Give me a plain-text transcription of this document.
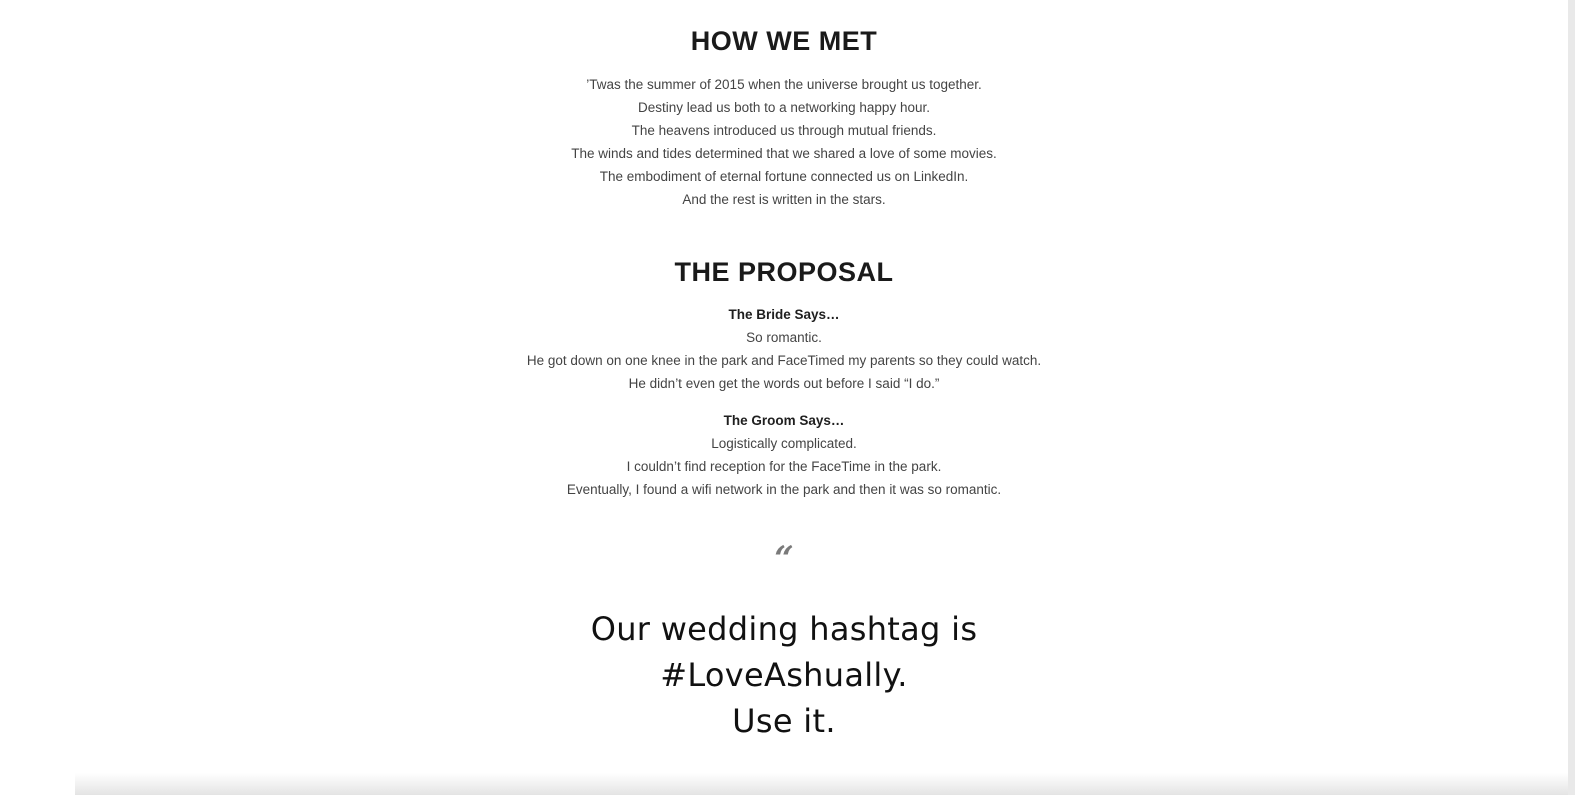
HOW WE MET
’Twas the summer of 2015 when the universe brought us together.
Destiny lead us both to a networking happy hour.
The heavens introduced us through mutual friends.
The winds and tides determined that we shared a love of some movies.
The embodiment of eternal fortune connected us on LinkedIn.
And the rest is written in the stars.
THE PROPOSAL
The Bride Says…
So romantic.
He got down on one knee in the park and FaceTimed my parents so they could watch.
He didn’t even get the words out before I said “I do.”
The Groom Says…
Logistically complicated.
I couldn’t find reception for the FaceTime in the park.
Eventually, I found a wifi network in the park and then it was so romantic.
“
Our wedding hashtag is
#LoveAshually.
Use it.
